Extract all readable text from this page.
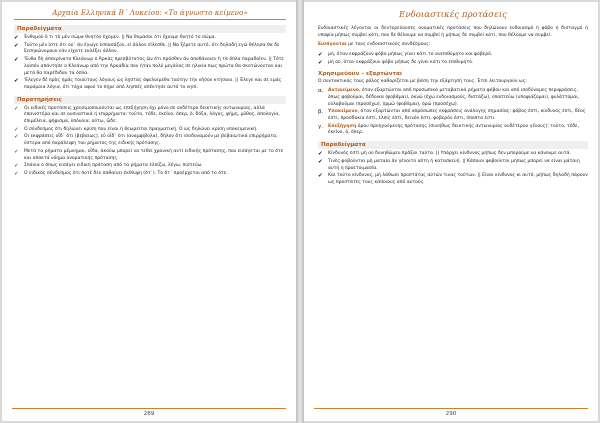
Αρχαία Ελληνικά Β΄ Λυκείου: «Το άγνωστο κείμενο»
Παραδείγματα
✔	Ἐνθυμοῦ ὅ τι τὸ μὲν σῶμα θνητὸν ἔχομεν. || Να θυμάσαι ότι έχουμε θνητό το σώμα.
✔	Τοῦτο μὲν ἴστε ὅτι οὐ᾽ ἂν ἔγωγε ἐσπασάζον, εἰ ἄλλον εἵλεσθε. || Να ξέρετε αυτό, ότι δηλαδή εγώ θέλησα θα δε ξεσηκώνομουν εάν είχατε εκλέξει άλλον.
✔	Ἔνθα δὴ ἀπεκρίνατο Κλεάνωρ ὁ Ἀρκὰς πρεσβύτατος ὢν ὅτι πρόσθεν ἂν ἀποθάνοιεν ἢ τὰ ὅπλα παραδοῖεν. || Τότε λοιπόν απάντησε ο Κλεάνωρ από την Αρκαδία που ήταν πολύ μεγάλος σε ηλικία πως πρώτα θα σκοτώνονταν και μετά θα παρέδιδαν τα όπλα.
✔	Ἔλεγεν δὲ πρὸς ἡμᾶς τοιούτους λόγους ὡς λῃστὰς ἀφελοίμεθα ταύτην τὴν νῆσον κτήσαιο. || Έλεγε και σε εμάς παρόμοια λόγια, ότι τάχα αφού το πήρε από λησπές απέκτησε αυτό το νησί.
Παρατηρήσεις
✓	Οι ειδικές προτάσεις χρησιμοποιούνται ως επεξήγηση όχι μόνο σε ουδέτερο δεικτικής αντωνυμίας, αλλά επανιστέρα και σε ουσιαστικά ή επιρρήματα: τοῦτο, τόδε, ἐκεῖνο, ὅπερ, ὅ, δόξα, λόγος, φήμη, μῦθος, ἀπολογία, ἐπιμέλεια, ψήφισμα, ὑπόνοια, οὕτω, ὧδε.
✓	Ο σύνδεσμος ὅτι δηλώνει κρίση που είναι ή θεωρείται πραγματική. Ο ὡς δηλώνει κρίση υποκειμενική.
✓	Οι εκφράσεις οἶδ᾽ ὅτι (βεβαίως), εὖ οἶδ᾽ ὅτι (αναμφίβολα), δῆλον ὅτι ισοδυναμούν με βεβαιωτικά επιρρήματα, ύστερα από παράλειψη του ρήματος της ειδικής πρότασης.
✓	Μετά τα ρήματα μέμνημαι, οἶδα, ἀκούω μπορεί να τεθεί χρονική αντί ειδικής πρότασης, που εισάγεται με το ὅτε και αποκτά νόημα ονοματικής πρότασης.
✓	Σπάνια ο ὅπως εισάγει ειδική πρόταση από τα ρήματα ἐλπίζω, λέγω, πιστεύω.
✓	Ο ειδικός σύνδεσμος ὅτι ποτέ δεν παθαίνει έκθλιψη (ὅτ᾽). Το ὅτ᾽ προέρχεται από το ὅτε.
289
Ενδοιαστικές προτάσεις
Ενδοιαστικές λέγονται οι δευτερεύουσες ονοματικές προτάσεις που δηλώνουν ενδοιασμό ή φόβο ή δισταγμό ή υποψία μήπως συμβεί κάτι, που δε θέλουμε να συμβεί ή μήπως δε συμβεί κάτι, που θέλουμε να συμβεί.
Εισάγονται με τους ενδοιαστικούς συνδέσμους:
✔	μή, όταν εκφράζουν φόβο μήπως γίνει κάτι το ανεπιθύμητο και φοβερό.
✔	μὴ οὐ, όταν εκφράζουν φόβο μήπως δε γίνει κάτι το επιθυμητό.
Χρησιμεύουν – εξαρτώνται
Ο συντακτικός τους ρόλος καθορίζεται με βάση την εξάρτησή τους. Έτσι λειτουργούν ως:
α.	Αντικείμενο, όταν εξαρτώνται από προσωπικά μεταβατικά ρήματα φόβου και από ισοδύναμες περιφράσεις, όπως φοβοῦμαι, δέδοικα (φοβᾶμαι), ὀκνῶ (έχω ενδοιασμούς, διστάζω), ὑποπτεύω (υποψιάζομαι), φυλάττομαι, εὐλαβοῦμαι (προσέχω), ὁρμῶ (φοβᾶμαι), ὁρῶ (προσέχω).
β.	Υποκείμενο, όταν εξαρτώνται από απρόσωπες εκφράσεις ανάλογης σημασίας: φόβος ἐστί, κίνδυνός ἐστι, δέος ἐστί, προσδοκία ἐστί, ἐλπίς ἐστί, δεινόν ἐστι, φοβερόν ἐστι, ὕποπτα ἐστι.
γ.	Επεξήγηση όρου προηγούμενης πρότασης (συνήθως δεικτικής αντωνυμίας ουδέτερου γένους): τοῦτο, τόδε, ἐκεῖνο, ὅ, ὅπερ.
Παραδείγματα
✔	Κίνδυνός ἐστὶ μὴ οὐ δυνηθῶμεν πρᾶξαι ταῦτα. || Υπάρχει κίνδυνος μήπως δεν μπορούμε να κάνουμε αυτά.
✔	Τινὲς φοβοῦνται μὴ ματαία ἂν γένοιτο αὕτη ἡ κατασκευή. || Κάποιοι φοβούνται μήπως μπορεί να είναι μάταιη αυτή η προετοιμασία.
✔	Καὶ τοῦτο κίνδυνος, μὴ λάθωσι προστάτας αὐτῶν τινας τούτων. || Είναι κίνδυνος κι αυτό, μήπως δηλαδή πάρουν ως προστάτες τους κάποιους από αυτούς.
290
